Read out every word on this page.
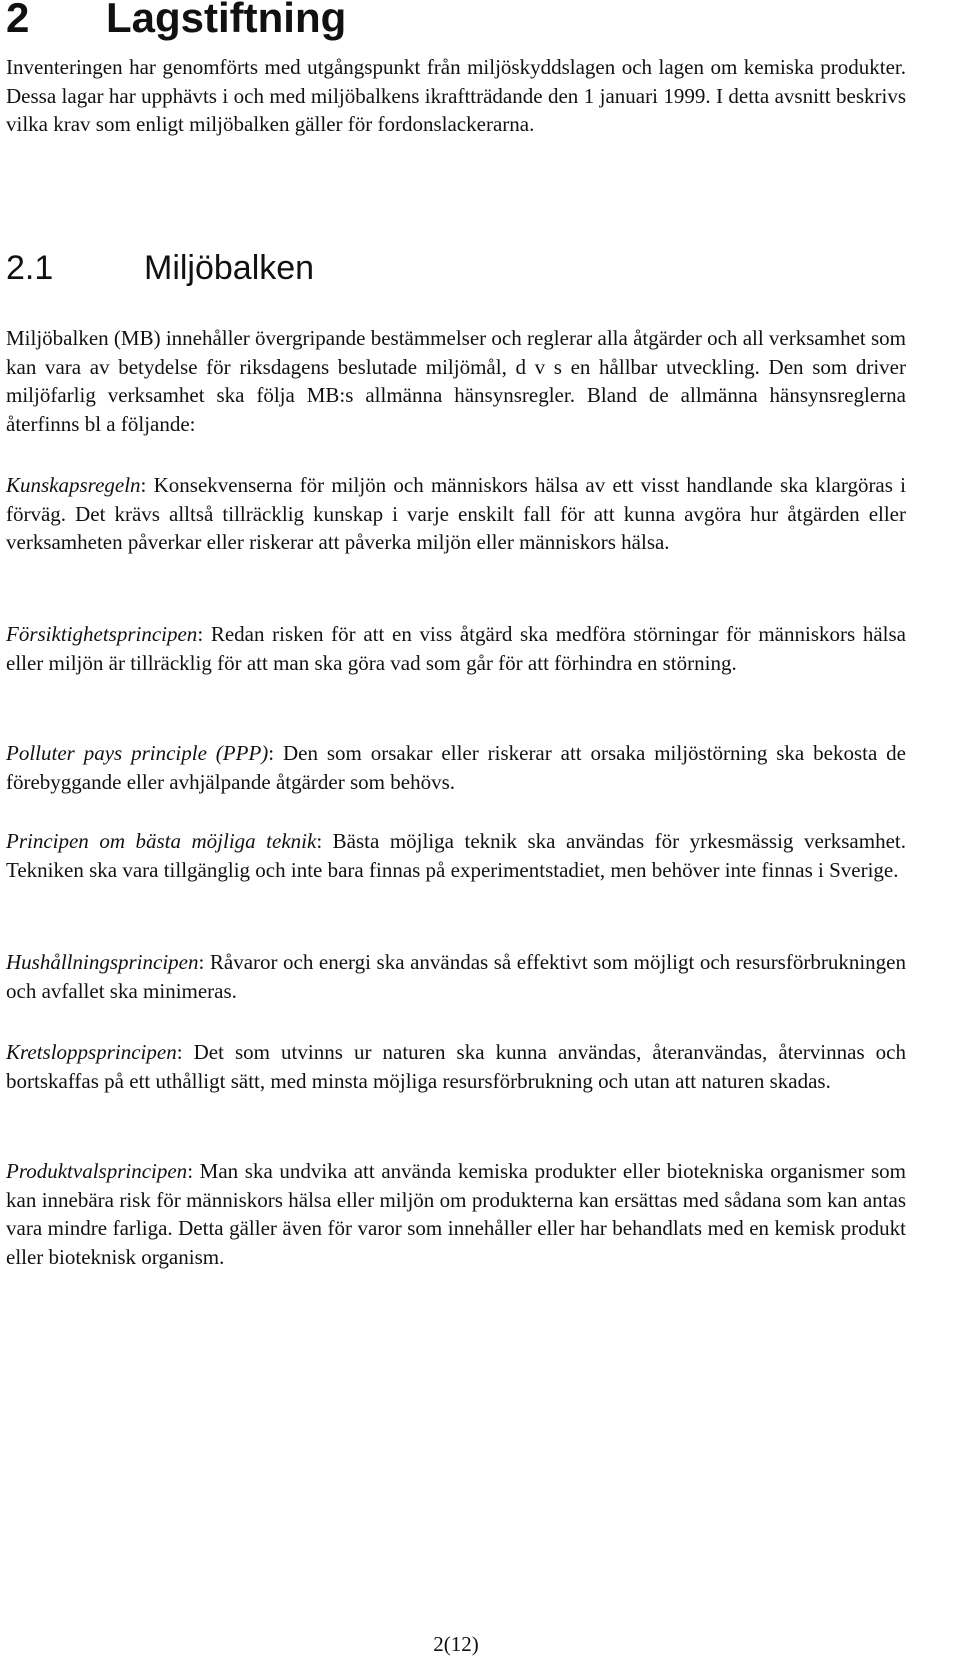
2 Lagstiftning

Inventeringen har genomförts med utgångspunkt från miljöskyddslagen och lagen om kemiska produkter. Dessa lagar har upphävts i och med miljöbalkens ikraftträdande den 1 januari 1999. I detta avsnitt beskrivs vilka krav som enligt miljöbalken gäller för fordonslackerarna.

2.1	Miljöbalken

Miljöbalken (MB) innehåller övergripande bestämmelser och reglerar alla åtgärder och all verksamhet som kan vara av betydelse för riksdagens beslutade miljömål, d v s en hållbar utveckling. Den som driver miljöfarlig verksamhet ska följa MB:s allmänna hänsynsregler. Bland de allmänna hänsynsreglerna återfinns bl a följande:

Kunskapsregeln: Konsekvenserna för miljön och människors hälsa av ett visst handlande ska klargöras i förväg. Det krävs alltså tillräcklig kunskap i varje enskilt fall för att kunna avgöra hur åtgärden eller verksamheten påverkar eller riskerar att påverka miljön eller människors hälsa.

Försiktighetsprincipen: Redan risken för att en viss åtgärd ska medföra störningar för människors hälsa eller miljön är tillräcklig för att man ska göra vad som går för att förhindra en störning.

Polluter pays principle (PPP): Den som orsakar eller riskerar att orsaka miljöstörning ska bekosta de förebyggande eller avhjälpande åtgärder som behövs.

Principen om bästa möjliga teknik: Bästa möjliga teknik ska användas för yrkesmässig verksamhet. Tekniken ska vara tillgänglig och inte bara finnas på experimentstadiet, men behöver inte finnas i Sverige.

Hushållningsprincipen: Råvaror och energi ska användas så effektivt som möjligt och resursförbrukningen och avfallet ska minimeras.

Kretsloppsprincipen: Det som utvinns ur naturen ska kunna användas, återanvändas, återvinnas och bortskaffas på ett uthålligt sätt, med minsta möjliga resursförbrukning och utan att naturen skadas.

Produktvalsprincipen: Man ska undvika att använda kemiska produkter eller biotekniska organismer som kan innebära risk för människors hälsa eller miljön om produkterna kan ersättas med sådana som kan antas vara mindre farliga. Detta gäller även för varor som innehåller eller har behandlats med en kemisk produkt eller bioteknisk organism.

2(12)
